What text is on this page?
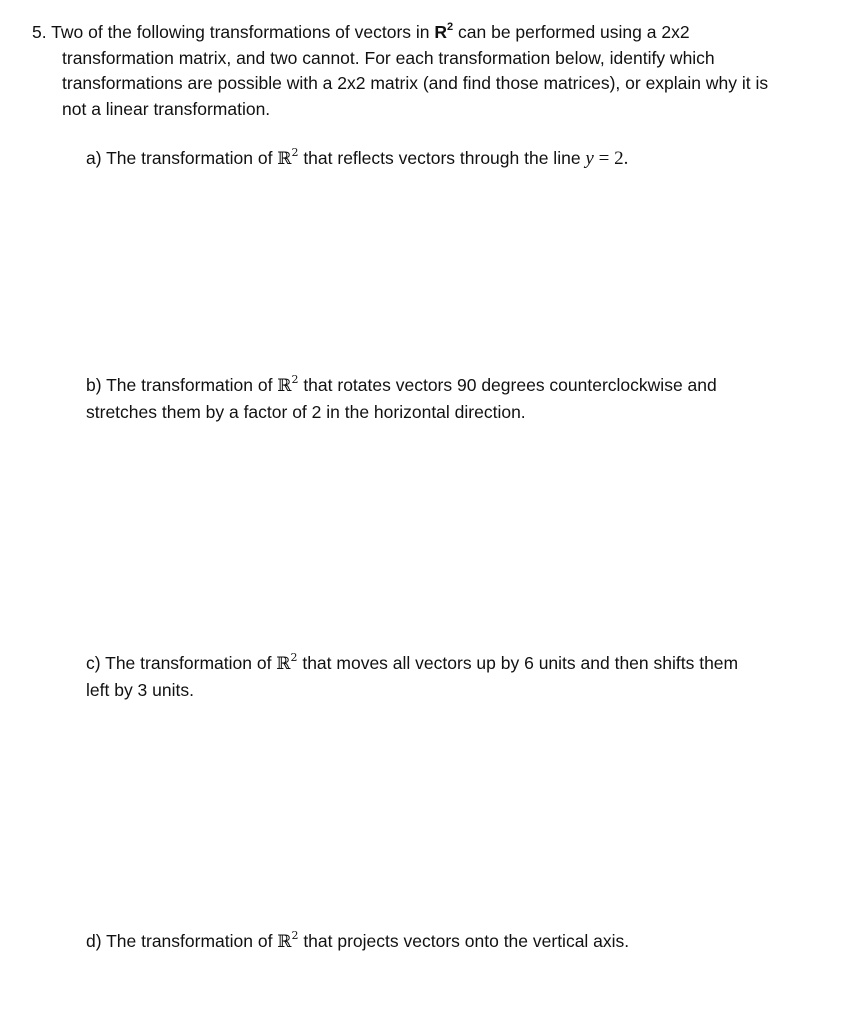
5. Two of the following transformations of vectors in $R^2$ can be performed using a 2x2
transformation matrix, and two cannot. For each transformation below, identify which
transformations are possible with a 2x2 matrix (and find those matrices), or explain why it is
not a linear transformation.
a) The transformation of ℝ$^2$ that reflects vectors through the line y = 2.
b) The transformation of ℝ$^2$ that rotates vectors 90 degrees counterclockwise and
stretches them by a factor of 2 in the horizontal direction.
c) The transformation of ℝ$^2$ that moves all vectors up by 6 units and then shifts them
left by 3 units.
d) The transformation of ℝ$^2$ that projects vectors onto the vertical axis.
